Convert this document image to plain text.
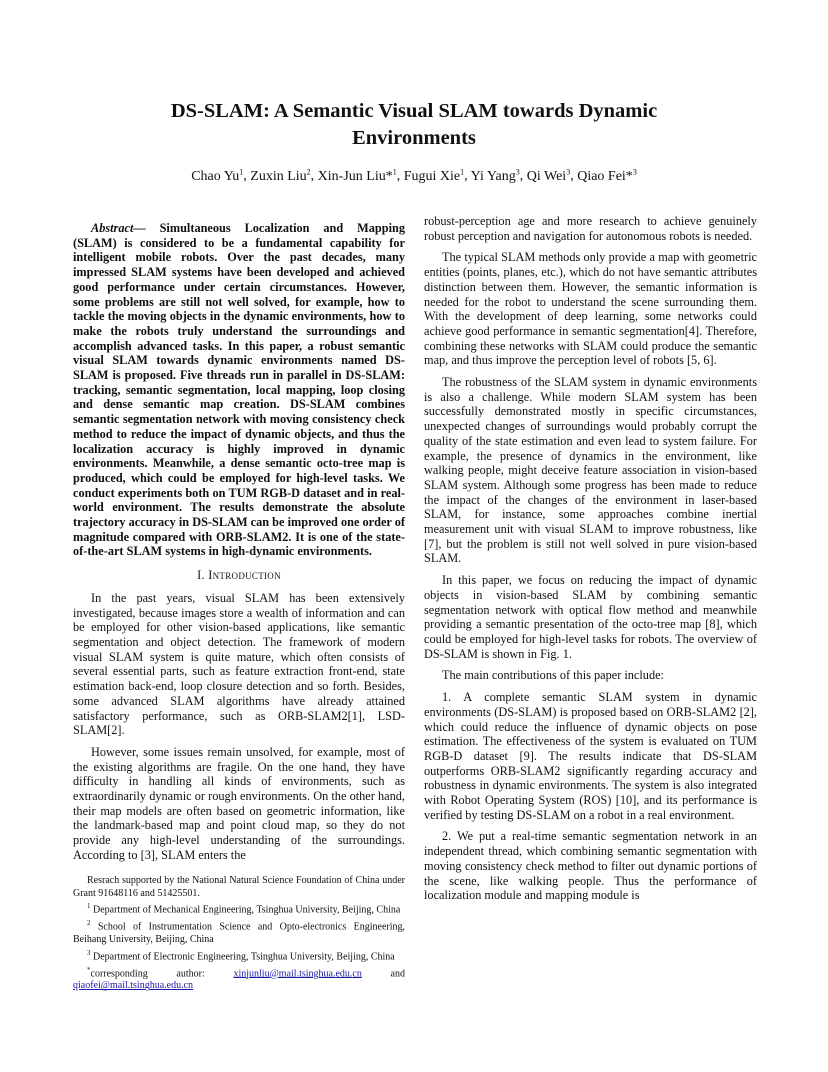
DS-SLAM: A Semantic Visual SLAM towards Dynamic
Environments
Chao Yu$^1$, Zuxin Liu$^2$, Xin-Jun Liu*$^1$, Fugui Xie$^1$, Yi Yang$^3$, Qi Wei$^3$, Qiao Fei*$^3$

Abstract— Simultaneous Localization and Mapping (SLAM) is considered to be a fundamental capability for intelligent mobile robots. Over the past decades, many impressed SLAM systems have been developed and achieved good performance under certain circumstances. However, some problems are still not well solved, for example, how to tackle the moving objects in the dynamic environments, how to make the robots truly understand the surroundings and accomplish advanced tasks. In this paper, a robust semantic visual SLAM towards dynamic environments named DS-SLAM is proposed. Five threads run in parallel in DS-SLAM: tracking, semantic segmentation, local mapping, loop closing and dense semantic map creation. DS-SLAM combines semantic segmentation network with moving consistency check method to reduce the impact of dynamic objects, and thus the localization accuracy is highly improved in dynamic environments. Meanwhile, a dense semantic octo-tree map is produced, which could be employed for high-level tasks. We conduct experiments both on TUM RGB-D dataset and in real-world environment. The results demonstrate the absolute trajectory accuracy in DS-SLAM can be improved one order of magnitude compared with ORB-SLAM2. It is one of the state-of-the-art SLAM systems in high-dynamic environments.

I. Introduction

In the past years, visual SLAM has been extensively investigated, because images store a wealth of information and can be employed for other vision-based applications, like semantic segmentation and object detection. The framework of modern visual SLAM system is quite mature, which often consists of several essential parts, such as feature extraction front-end, state estimation back-end, loop closure detection and so forth. Besides, some advanced SLAM algorithms have already attained satisfactory performance, such as ORB-SLAM2[1], LSD-SLAM[2].

However, some issues remain unsolved, for example, most of the existing algorithms are fragile. On the one hand, they have difficulty in handling all kinds of environments, such as extraordinarily dynamic or rough environments. On the other hand, their map models are often based on geometric information, like the landmark-based map and point cloud map, so they do not provide any high-level understanding of the surroundings. According to [3], SLAM enters the

Resrach supported by the National Natural Science Foundation of China under Grant 91648116 and 51425501.

$^1$ Department of Mechanical Engineering, Tsinghua University, Beijing, China

$^2$ School of Instrumentation Science and Opto-electronics Engineering, Beihang University, Beijing, China

$^3$ Department of Electronic Engineering, Tsinghua University, Beijing, China

*corresponding author: xinjunliu@mail.tsinghua.edu.cn and qiaofei@mail.tsinghua.edu.cn

robust-perception age and more research to achieve genuinely robust perception and navigation for autonomous robots is needed.

The typical SLAM methods only provide a map with geometric entities (points, planes, etc.), which do not have semantic attributes distinction between them. However, the semantic information is needed for the robot to understand the scene surrounding them. With the development of deep learning, some networks could achieve good performance in semantic segmentation[4]. Therefore, combining these networks with SLAM could produce the semantic map, and thus improve the perception level of robots [5, 6].

The robustness of the SLAM system in dynamic environments is also a challenge. While modern SLAM system has been successfully demonstrated mostly in specific circumstances, unexpected changes of surroundings would probably corrupt the quality of the state estimation and even lead to system failure. For example, the presence of dynamics in the environment, like walking people, might deceive feature association in vision-based SLAM system. Although some progress has been made to reduce the impact of the changes of the environment in laser-based SLAM, for instance, some approaches combine inertial measurement unit with visual SLAM to improve robustness, like [7], but the problem is still not well solved in pure vision-based SLAM.

In this paper, we focus on reducing the impact of dynamic objects in vision-based SLAM by combining semantic segmentation network with optical flow method and meanwhile providing a semantic presentation of the octo-tree map [8], which could be employed for high-level tasks for robots. The overview of DS-SLAM is shown in Fig. 1.

The main contributions of this paper include:

1. A complete semantic SLAM system in dynamic environments (DS-SLAM) is proposed based on ORB-SLAM2 [2], which could reduce the influence of dynamic objects on pose estimation. The effectiveness of the system is evaluated on TUM RGB-D dataset [9]. The results indicate that DS-SLAM outperforms ORB-SLAM2 significantly regarding accuracy and robustness in dynamic environments. The system is also integrated with Robot Operating System (ROS) [10], and its performance is verified by testing DS-SLAM on a robot in a real environment.

2. We put a real-time semantic segmentation network in an independent thread, which combining semantic segmentation with moving consistency check method to filter out dynamic portions of the scene, like walking people. Thus the performance of localization module and mapping module is
